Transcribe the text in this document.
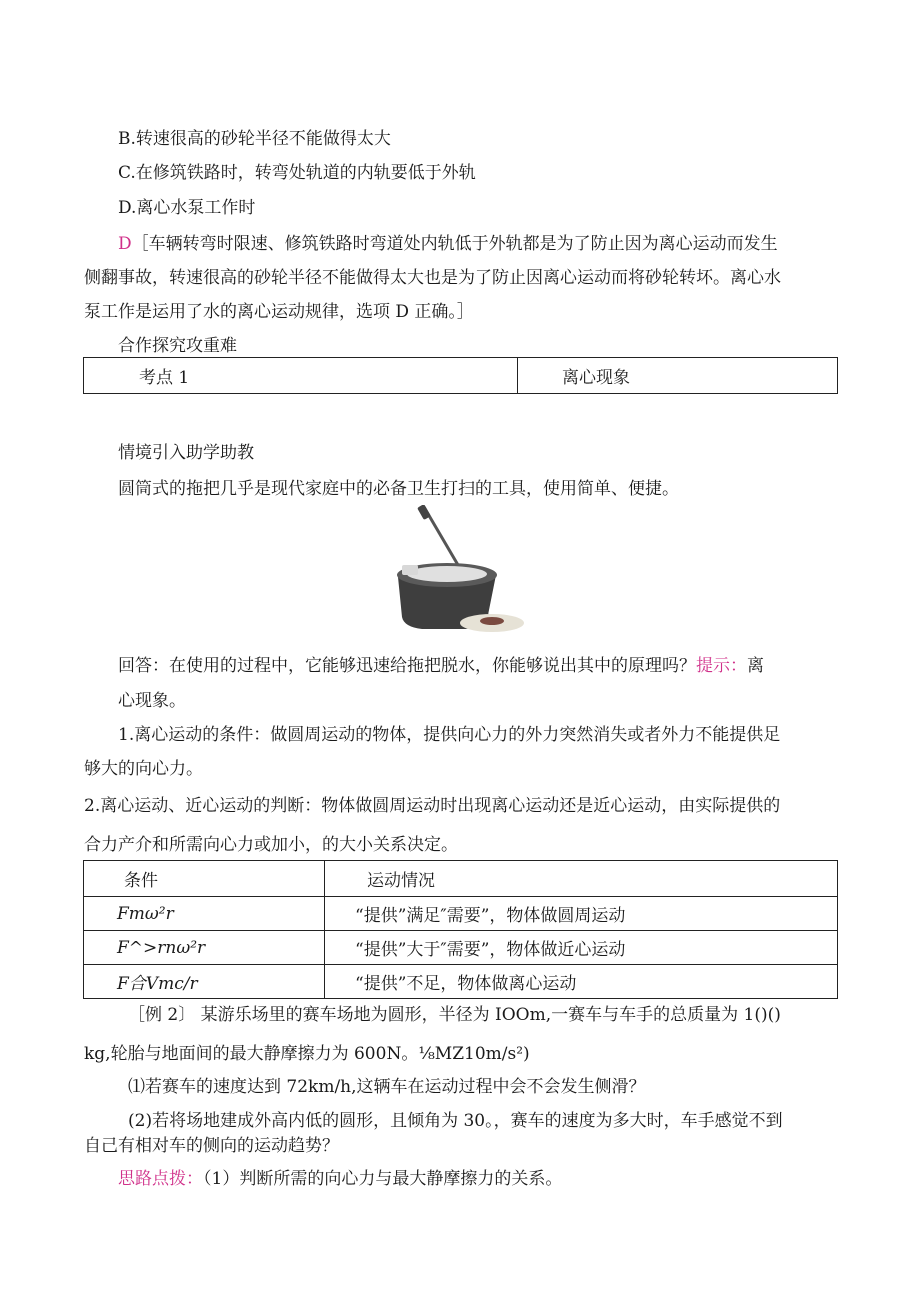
B.转速很高的砂轮半径不能做得太大
C.在修筑铁路时，转弯处轨道的内轨要低于外轨
D.离心水泵工作时
D［车辆转弯时限速、修筑铁路时弯道处内轨低于外轨都是为了防止因为离心运动而发生
侧翻事故，转速很高的砂轮半径不能做得太大也是为了防止因离心运动而将砂轮转坏。离心水
泵工作是运用了水的离心运动规律，选项 D 正确。］
合作探究攻重难
考点 1	离心现象
情境引入助学助教
圆筒式的拖把几乎是现代家庭中的必备卫生打扫的工具，使用简单、便捷。
回答：在使用的过程中，它能够迅速给拖把脱水，你能够说出其中的原理吗？提示：离
心现象。
1.离心运动的条件：做圆周运动的物体，提供向心力的外力突然消失或者外力不能提供足
够大的向心力。
2.离心运动、近心运动的判断：物体做圆周运动时出现离心运动还是近心运动，由实际提供的
合力产介和所需向心力或加小，的大小关系决定。
条件	运动情况
Fmω²r	“提供”满足″需要”，物体做圆周运动
F^>rnω²r	“提供”大于″需要”，物体做近心运动
F合Vmc/r	“提供”不足，物体做离心运动
［例 2〕 某游乐场里的赛车场地为圆形，半径为 IOOm,一赛车与车手的总质量为 1()()
kg,轮胎与地面间的最大静摩擦力为 600N。⅛MZ10m∕s²)
⑴若赛车的速度达到 72km/h,这辆车在运动过程中会不会发生侧滑？
(2)若将场地建成外高内低的圆形，且倾角为 30。，赛车的速度为多大时，车手感觉不到
自己有相对车的侧向的运动趋势？
思路点拨：（1）判断所需的向心力与最大静摩擦力的关系。
